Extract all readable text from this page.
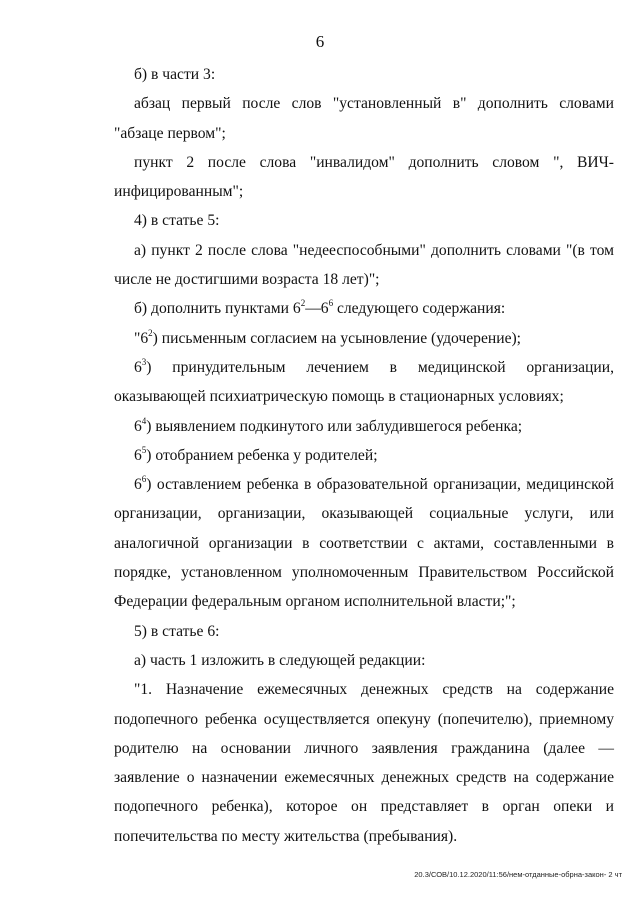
6

б) в части 3:

абзац первый после слов "установленный в" дополнить словами "абзаце первом";

пункт 2 после слова "инвалидом" дополнить словом ", ВИЧ-инфицированным";

4) в статье 5:

а) пункт 2 после слова "недееспособными" дополнить словами "(в том числе не достигшими возраста 18 лет)";

б) дополнить пунктами $6^2—6^6$ следующего содержания:

"$6^2$) письменным согласием на усыновление (удочерение);

$6^3$) принудительным лечением в медицинской организации, оказывающей психиатрическую помощь в стационарных условиях;

$6^4$) выявлением подкинутого или заблудившегося ребенка;

$6^5$) отобранием ребенка у родителей;

$6^6$) оставлением ребенка в образовательной организации, медицинской организации, организации, оказывающей социальные услуги, или аналогичной организации в соответствии с актами, составленными в порядке, установленном уполномоченным Правительством Российской Федерации федеральным органом исполнительной власти;";

5) в статье 6:

а) часть 1 изложить в следующей редакции:

"1. Назначение ежемесячных денежных средств на содержание подопечного ребенка осуществляется опекуну (попечителю), приемному родителю на основании личного заявления гражданина (далее — заявление о назначении ежемесячных денежных средств на содержание подопечного ребенка), которое он представляет в орган опеки и попечительства по месту жительства (пребывания).

20.3/СОВ/10.12.2020/11:56/нем-отданные-обрна-закон- 2 чт
